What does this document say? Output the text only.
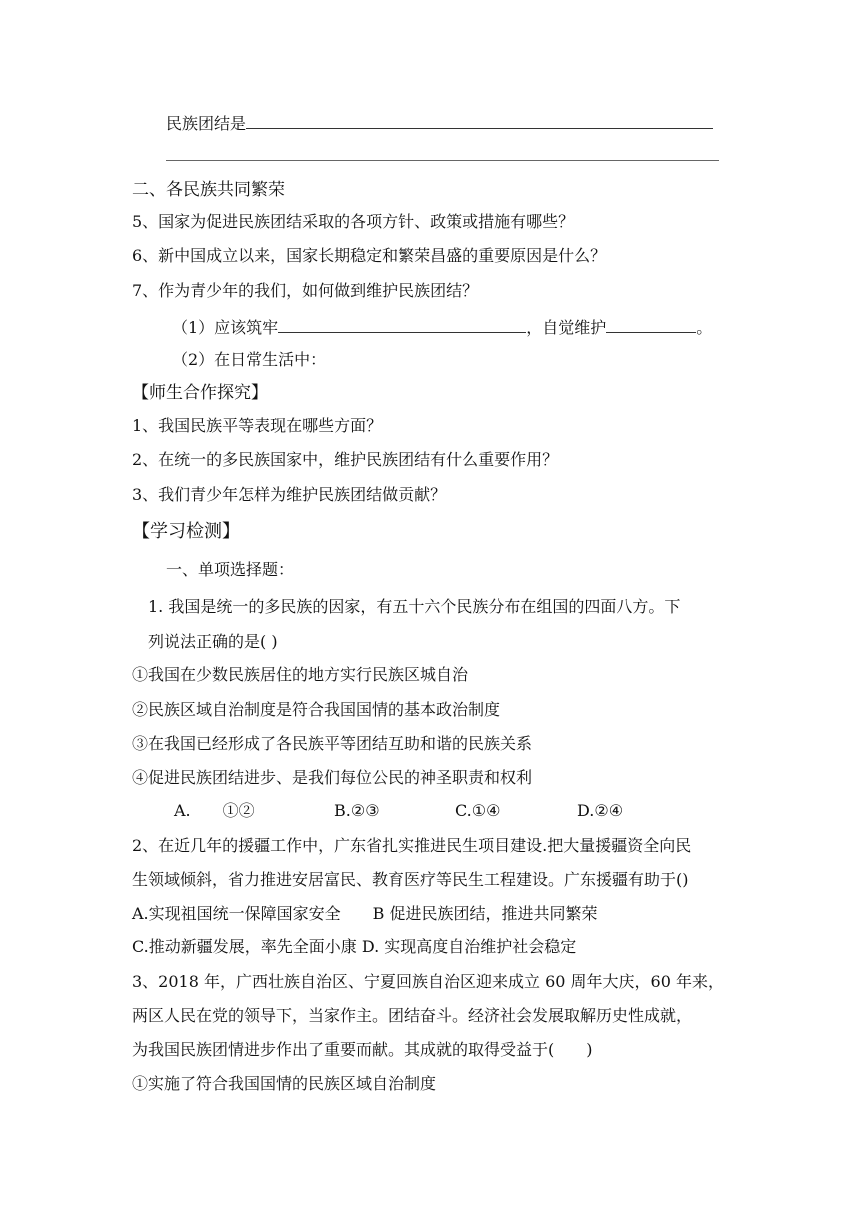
民族团结是
二、各民族共同繁荣
5、国家为促进民族团结采取的各项方针、政策或措施有哪些？
6、新中国成立以来，国家长期稳定和繁荣昌盛的重要原因是什么？
7、作为青少年的我们，如何做到维护民族团结？
（1）应该筑牢	，自觉维护	。
（2）在日常生活中：
【师生合作探究】
1、我国民族平等表现在哪些方面？
2、在统一的多民族国家中，维护民族团结有什么重要作用？
3、我们青少年怎样为维护民族团结做贡献？
【学习检测】
一、单项选择题：
1. 我国是统一的多民族的因家，有五十六个民族分布在组国的四面八方。下
列说法正确的是( )
①我国在少数民族居住的地方实行民族区城自治
②民族区域自治制度是符合我国国情的基本政治制度
③在我国已经形成了各民族平等团结互助和谐的民族关系
④促进民族团结进步、是我们每位公民的神圣职责和权利
A.　　①②	B.②③	C.①④	D.②④
2、在近几年的援疆工作中，广东省扎实推进民生项目建设.把大量援疆资全向民
生领域倾斜，省力推进安居富民、教育医疗等民生工程建设。广东援疆有助于()
A.实现祖国统一保障国家安全　　B 促进民族团结，推进共同繁荣
C.推动新疆发展，率先全面小康 D. 实现高度自治维护社会稳定
3、2018 年，广西壮族自治区、宁夏回族自治区迎来成立 60 周年大庆，60 年来，
两区人民在党的领导下，当家作主。团结奋斗。经济社会发展取解历史性成就，
为我国民族团情进步作出了重要而献。其成就的取得受益于(　　)
①实施了符合我国国情的民族区域自治制度
